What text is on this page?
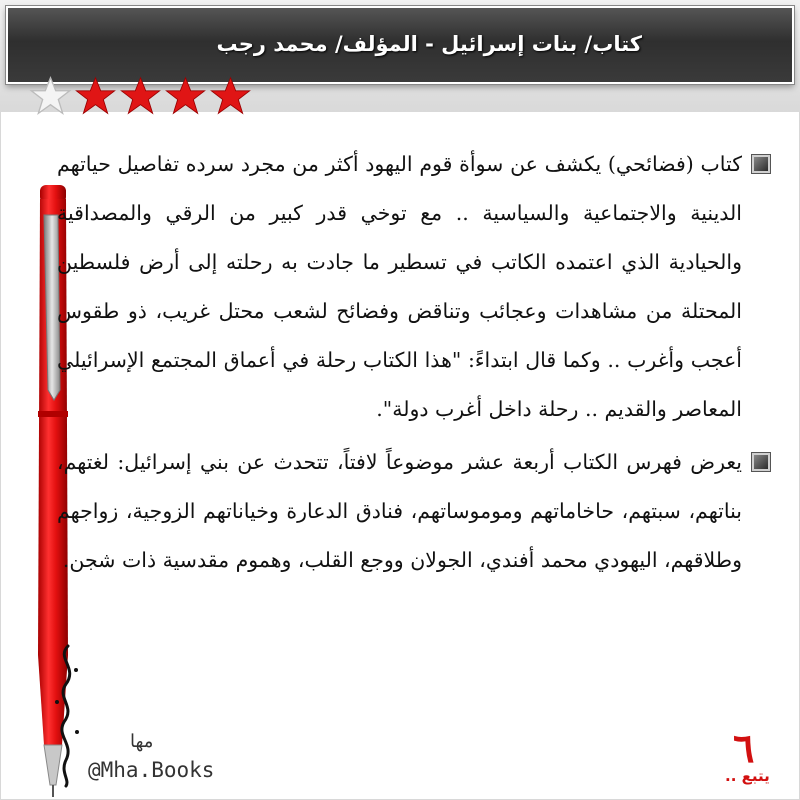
كتاب/ بنات إسرائيل - المؤلف/ محمد رجب
مها
@Mha.Books
كتاب (فضائحي) يكشف عن سوأة قوم اليهود أكثر من مجرد سرده تفاصيل حياتهم الدينية والاجتماعية والسياسية .. مع توخي قدر كبير من الرقي والمصداقية والحيادية الذي اعتمده الكاتب في تسطير ما جادت به رحلته إلى أرض فلسطين المحتلة من مشاهدات وعجائب وتناقض وفضائح لشعب محتل غريب، ذو طقوس أعجب وأغرب .. وكما قال ابتداءً: "هذا الكتاب رحلة في أعماق المجتمع الإسرائيلي المعاصر والقديم .. رحلة داخل أغرب دولة".
يعرض فهرس الكتاب أربعة عشر موضوعاً لافتاً، تتحدث عن بني إسرائيل: لغتهم، بناتهم، سبتهم، حاخاماتهم وموموساتهم، فنادق الدعارة وخياناتهم الزوجية، زواجهم وطلاقهم، اليهودي محمد أفندي، الجولان ووجع القلب، وهموم مقدسية ذات شجن.
٦
يتبع ..
